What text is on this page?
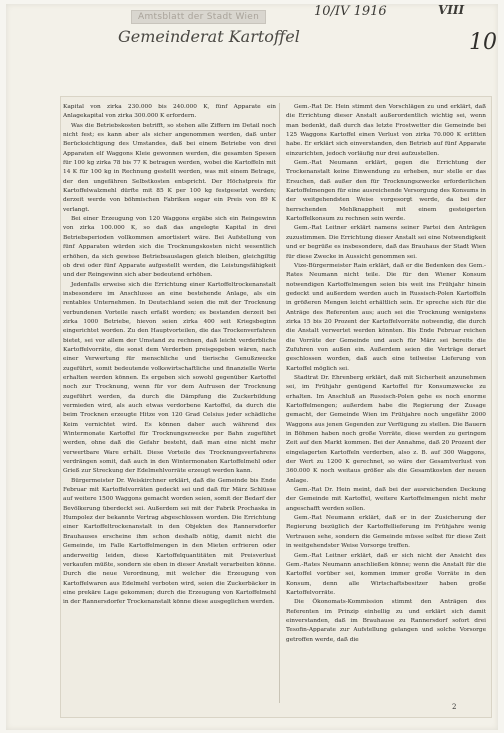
Amtsblatt der Stadt Wien	10/IV 1916	VIII
Gemeinderat Kartoffel	10

Kapital von zirka 230.000 bis 240.000 K, fünf Apparate ein Anlagekapital von zirka 300.000 K erfordern.

Was die Betriebskosten betrifft, so stehen alle Ziffern im Detail noch nicht fest; es kann aber als sicher angenommen werden, daß unter Berücksichtigung des Umstandes, daß bei einem Betriebe von drei Apparaten elf Waggons Kleie gewonnen werden, die gesamten Spesen für 100 kg zirka 78 bis 77 K betragen werden, wobei die Kartoffeln mit 14 K für 100 kg in Rechnung gestellt werden, was mit einem Betrage, der den ungefähren Selbstkosten entspricht. Der Höchstpreis für Kartoffelwalzmehl dürfte mit 85 K per 100 kg festgesetzt werden; derzeit werde von böhmischen Fabriken sogar ein Preis von 89 K verlangt.

Bei einer Erzeugung von 120 Waggons ergäbe sich ein Reingewinn von zirka 100.000 K, so daß das angelegte Kapital in drei Betriebsperioden vollkommen amortisiert wäre. Bei Aufstellung von fünf Apparaten würden sich die Trocknungskosten nicht wesentlich erhöhen, da sich gewisse Betriebsauslagen gleich bleiben, gleichgiltig ob drei oder fünf Apparate aufgestellt werden, die Leistungsfähigkeit und der Reingewinn sich aber bedeutend erhöhen.

Jedenfalls erweise sich die Errichtung einer Kartoffeltrockenanstalt insbesondere im Anschlusse an eine bestehende Anlage, als ein rentables Unternehmen. In Deutschland seien die mit der Trocknung verbundenen Vorteile rasch erfaßt worden; es bestanden derzeit bei zirka 1000 Betriebe, hievon seien zirka 400 seit Kriegsbeginn eingerichtet worden. Zu den Hauptvorteilen, die das Trockenverfahren bietet, sei vor allem der Umstand zu rechnen, daß leicht verderbliche Kartoffelvorräte, die sonst dem Verderben preisgegeben wären, nach einer Verwertung für menschliche und tierische Genußzwecke zugeführt, somit bedeutende volkswirtschaftliche und finanzielle Werte erhalten werden können. Es ergeben sich sowohl gegenüber Kartoffel noch zur Trocknung, wenn für vor dem Aufrusen der Trocknung zugeführt werden, da durch die Dämpfung die Zuckerbildung vermieden wird, als auch etwas verdorbene Kartoffel, da durch die beim Trocknen erzeugte Hitze von 120 Grad Celsius jeder schädliche Keim vernichtet wird. Es können daher auch während des Wintermonate Kartoffel für Trocknungszwecke per Bahn zugeführt werden, ohne daß die Gefahr besteht, daß man eine nicht mehr verwertbare Ware erhält. Diese Vorteile des Trocknungsverfahrens verdrängen somit, daß auch in den Wintermonaten Kartoffelmehl oder Grieß zur Streckung der Edelmehlvorräte erzeugt werden kann.

Bürgermeister Dr. Weiskirchner erklärt, daß die Gemeinde bis Ende Februar mit Kartoffelvorräten gedeckt sei und daß für März Schlüsse auf weitere 1500 Waggons gemacht worden seien, somit der Bedarf der Bevölkerung überdeckt sei. Außerdem sei mit der Fabrik Prochaska in Humpolez der bekannte Vertrag abgeschlossen worden. Die Errichtung einer Kartoffeltrockenanstalt in den Objekten des Rannersdorfer Brauhauses erscheine ihm schon deshalb nötig, damit nicht die Gemeinde, im Falle Kartoffelmengen in den Mieten erfrieren oder anderweitig leiden, diese Kartoffelquantitäten mit Preisverlust verkaufen müßte, sondern sie eben in dieser Anstalt verarbeiten könne. Durch die neue Verordnung, mit welcher die Erzeugung von Kartoffelwaren aus Edelmehl verboten wird, seien die Zuckerbäcker in eine prekäre Lage gekommen; durch die Erzeugung von Kartoffelmehl in der Rannersdorfer Trockenanstalt könne diese ausgeglichen werden.

Gem.-Rat Dr. Hein stimmt den Vorschlägen zu und erklärt, daß die Errichtung dieser Anstalt außerordentlich wichtig sei, wenn man bedenkt, daß durch das letzte Frostwetter die Gemeinde bei 125 Waggons Kartoffel einen Verlust von zirka 70.000 K erlitten habe. Er erklärt sich einverstanden, den Betrieb auf fünf Apparate einzurichten, jedoch vorläufig nur drei aufzustellen.

Gem.-Rat Neumann erklärt, gegen die Errichtung der Trockenanstalt keine Einwendung zu erheben, nur stelle er das Ersuchen, daß außer den für Trocknungszwecke erforderlichen Kartoffelmengen für eine ausreichende Versorgung des Konsums in der weitgehendsten Weise vorgesorgt werde, da bei der herrschenden Mehlknappheit mit einem gesteigerten Kartoffelkonsum zu rechnen sein werde.

Gem.-Rat Leitner erklärt namens seiner Partei den Anträgen zuzustimmen. Die Errichtung dieser Anstalt sei eine Notwendigkeit und er begrüße es insbesondere, daß das Brauhaus der Stadt Wien für diese Zwecke in Aussicht genommen sei.

Vize-Bürgermeister Rain erklärt, daß er die Bedenken des Gem.-Rates Neumann nicht teile. Die für den Wiener Konsum notwendigen Kartoffelmengen seien bis weit ins Frühjahr hinein gedeckt und außerdem werden auch in Russisch-Polen Kartoffeln in größeren Mengen leicht erhältlich sein. Er spreche sich für die Anträge des Referenten aus; auch sei die Trocknung wenigstens zirka 15 bis 20 Prozent der Kartoffelvorräte notwendig, die durch die Anstalt verwertet werden könnten. Bis Ende Februar reichen die Vorräte der Gemeinde und auch für März sei bereits die Zufuhren von außen ein. Außerdem seien die Verträge derart geschlossen worden, daß auch eine teilweise Lieferung von Kartoffel möglich sei.

Stadtrat Dr. Ehrenberg erklärt, daß mit Sicherheit anzunehmen sei, im Frühjahr genügend Kartoffel für Konsumzwecke zu erhalten. Im Anschluß an Russisch-Polen gehe es noch enorme Kartoffelmengen; außerdem habe die Regierung der Zusage gemacht, der Gemeinde Wien im Frühjahre noch ungefähr 2000 Waggons aus jenen Gegenden zur Verfügung zu stellen. Die Bauern in Böhmen haben noch große Vorräte, diese werden zu geringem Zeit auf den Markt kommen. Bei der Annahme, daß 20 Prozent der eingelagerten Kartoffeln verderben, also z. B. auf 300 Waggons, der Wert zu 1200 K gerechnet, so wäre der Gesamtverlust von 360.000 K noch weitaus größer als die Gesamtkosten der neuen Anlage.

Gem.-Rat Dr. Hein meint, daß bei der ausreichenden Deckung der Gemeinde mit Kartoffel, weitere Kartoffelmengen nicht mehr angeschafft werden sollen.

Gem.-Rat Neumann erklärt, daß er in der Zusicherung der Regierung bezüglich der Kartoffellieferung im Frühjahre wenig Vertrauen sehe, sondern die Gemeinde müsse selbst für diese Zeit in weitgehendster Weise Vorsorge treffen.

Gem.-Rat Leitner erklärt, daß er sich nicht der Ansicht des Gem.-Rates Neumann anschließen könne; wenn die Anstalt für die Kartoffel vorüber sei, kommen immer große Vorräte in den Konsum, denn alle Wirtschaftsbesitzer haben große Kartoffelvorräte.

Die Ökonomats-Kommission stimmt den Anträgen des Referenten im Prinzip einhellig zu und erklärt sich damit einverstanden, daß im Brauhause zu Rannersdorf sofort drei Tesofin-Apparate zur Aufstellung gelangen und solche Vorsorge getroffen werde, daß die

2
